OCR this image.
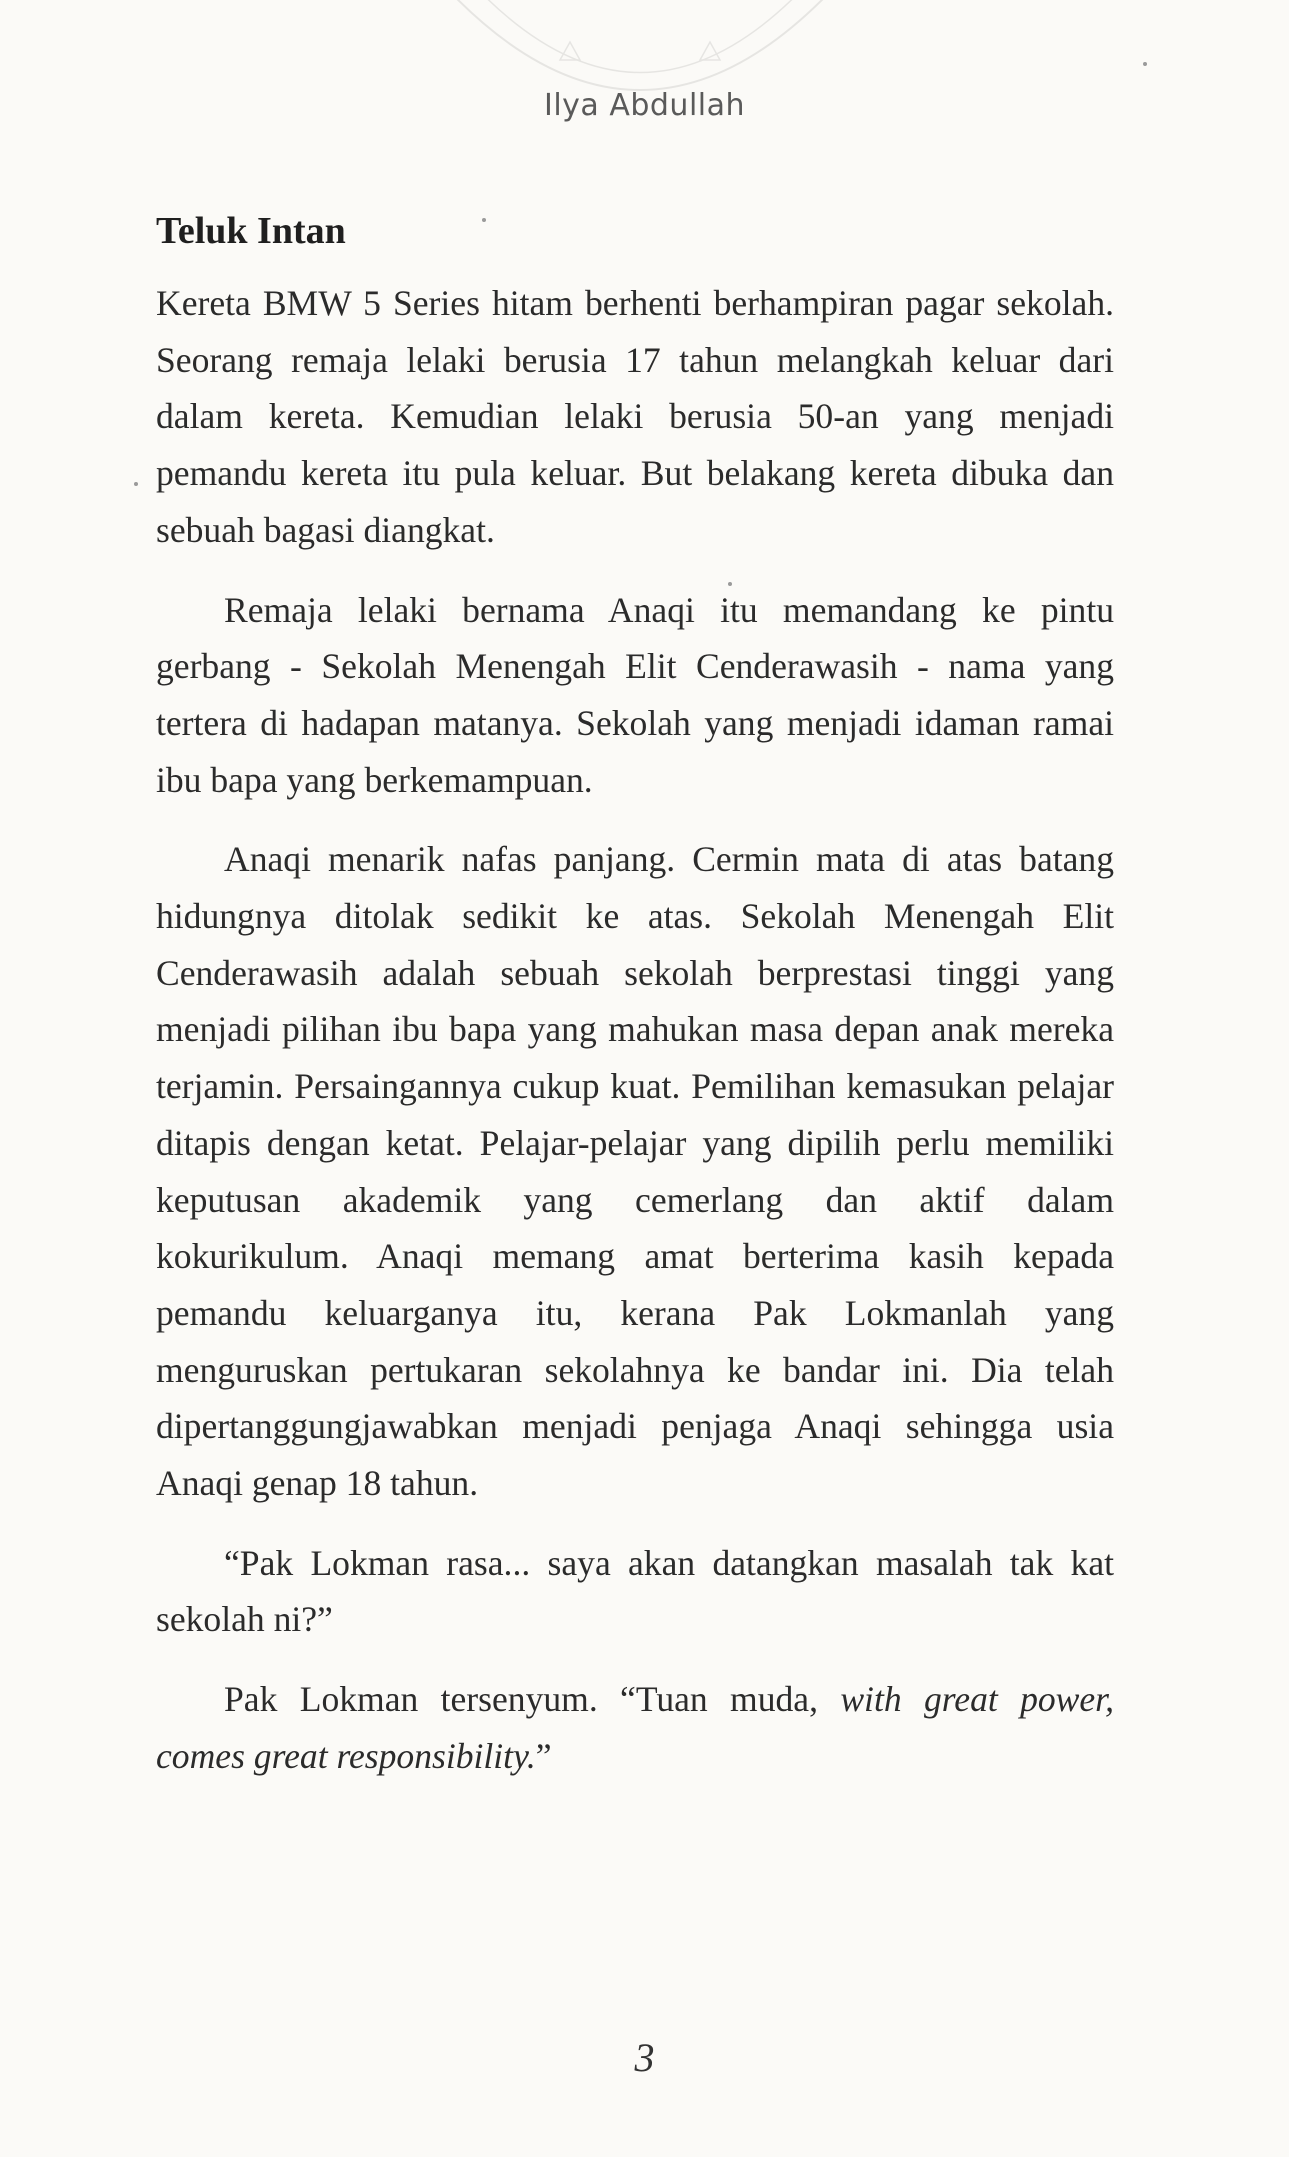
Ilya Abdullah
Teluk Intan

Kereta BMW 5 Series hitam berhenti berhampiran pagar sekolah. Seorang remaja lelaki berusia 17 tahun melangkah keluar dari dalam kereta. Kemudian lelaki berusia 50-an yang menjadi pemandu kereta itu pula keluar. But belakang kereta dibuka dan sebuah bagasi diangkat.

Remaja lelaki bernama Anaqi itu memandang ke pintu gerbang - Sekolah Menengah Elit Cenderawasih - nama yang tertera di hadapan matanya. Sekolah yang menjadi idaman ramai ibu bapa yang berkemampuan.

Anaqi menarik nafas panjang. Cermin mata di atas batang hidungnya ditolak sedikit ke atas. Sekolah Menengah Elit Cenderawasih adalah sebuah sekolah berprestasi tinggi yang menjadi pilihan ibu bapa yang mahukan masa depan anak mereka terjamin. Persaingannya cukup kuat. Pemilihan kemasukan pelajar ditapis dengan ketat. Pelajar-pelajar yang dipilih perlu memiliki keputusan akademik yang cemerlang dan aktif dalam kokurikulum. Anaqi memang amat berterima kasih kepada pemandu keluarganya itu, kerana Pak Lokmanlah yang menguruskan pertukaran sekolahnya ke bandar ini. Dia telah dipertanggungjawabkan menjadi penjaga Anaqi sehingga usia Anaqi genap 18 tahun.

“Pak Lokman rasa... saya akan datangkan masalah tak kat sekolah ni?”

Pak Lokman tersenyum. “Tuan muda, with great power, comes great responsibility.”

3
